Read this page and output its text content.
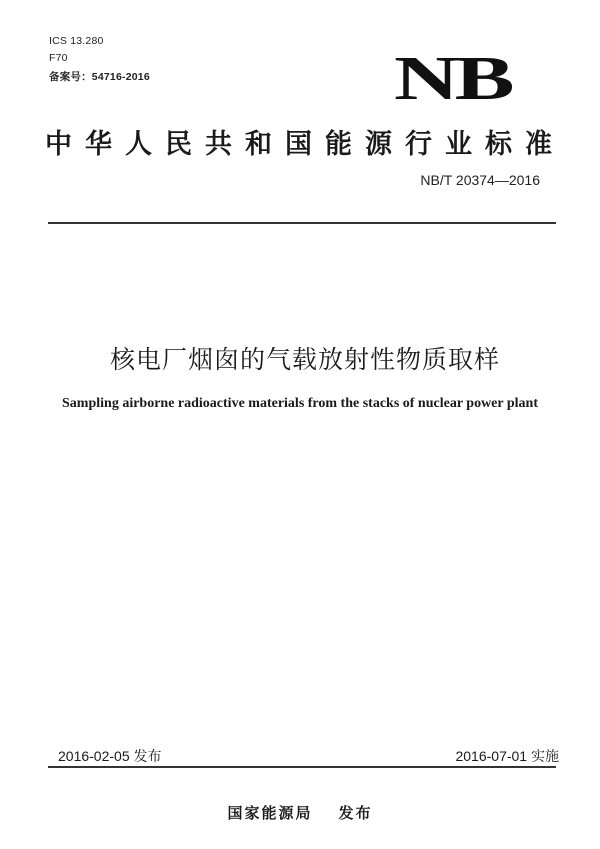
ICS 13.280
F70
备案号：54716-2016	NB
中华人民共和国能源行业标准
NB/T 20374—2016
核电厂烟囱的气载放射性物质取样
Sampling airborne radioactive materials from the stacks of nuclear power plant
2016-02-05 发布	2016-07-01 实施
国家能源局 发布
